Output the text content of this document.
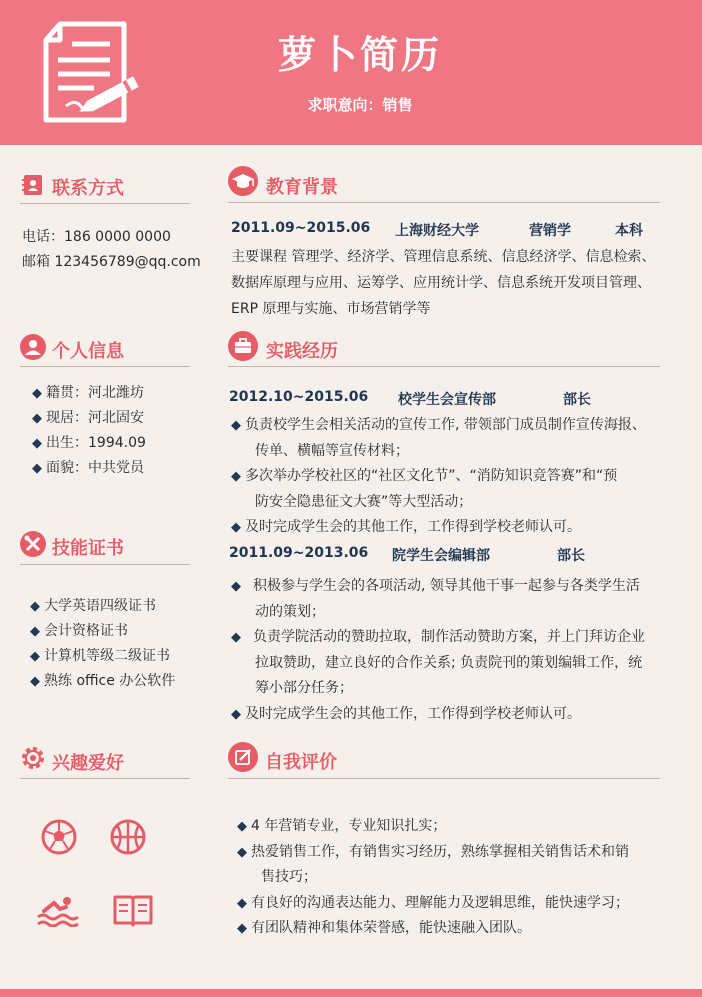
萝卜简历
求职意向：销售
联系方式
电话：186 0000 0000
邮箱 123456789@qq.com
个人信息
◆ 籍贯：河北潍坊
◆ 现居：河北固安
◆ 出生：1994.09
◆ 面貌：中共党员
技能证书
◆ 大学英语四级证书
◆ 会计资格证书
◆ 计算机等级二级证书
◆ 熟练 office 办公软件
兴趣爱好
教育背景
2011.09~2015.06 上海财经大学	营销学	本科
主要课程 管理学、经济学、管理信息系统、信息经济学、信息检索、
数据库原理与应用、运筹学、应用统计学、信息系统开发项目管理、
ERP 原理与实施、市场营销学等
实践经历
2012.10~2015.06 校学生会宣传部	部长
◆ 负责校学生会相关活动的宣传工作, 带领部门成员制作宣传海报、
传单、横幅等宣传材料；
◆ 多次举办学校社区的“社区文化节”、“消防知识竞答赛”和“预
防安全隐患征文大赛”等大型活动；
◆ 及时完成学生会的其他工作，工作得到学校老师认可。
2011.09~2013.06 院学生会编辑部	部长
◆ 积极参与学生会的各项活动, 领导其他干事一起参与各类学生活
动的策划；
◆ 负责学院活动的赞助拉取，制作活动赞助方案，并上门拜访企业
拉取赞助，建立良好的合作关系; 负责院刊的策划编辑工作，统
筹小部分任务；
◆ 及时完成学生会的其他工作，工作得到学校老师认可。
自我评价
◆ 4 年营销专业，专业知识扎实；
◆ 热爱销售工作，有销售实习经历，熟练掌握相关销售话术和销
售技巧；
◆ 有良好的沟通表达能力、理解能力及逻辑思维，能快速学习；
◆ 有团队精神和集体荣誉感，能快速融入团队。
